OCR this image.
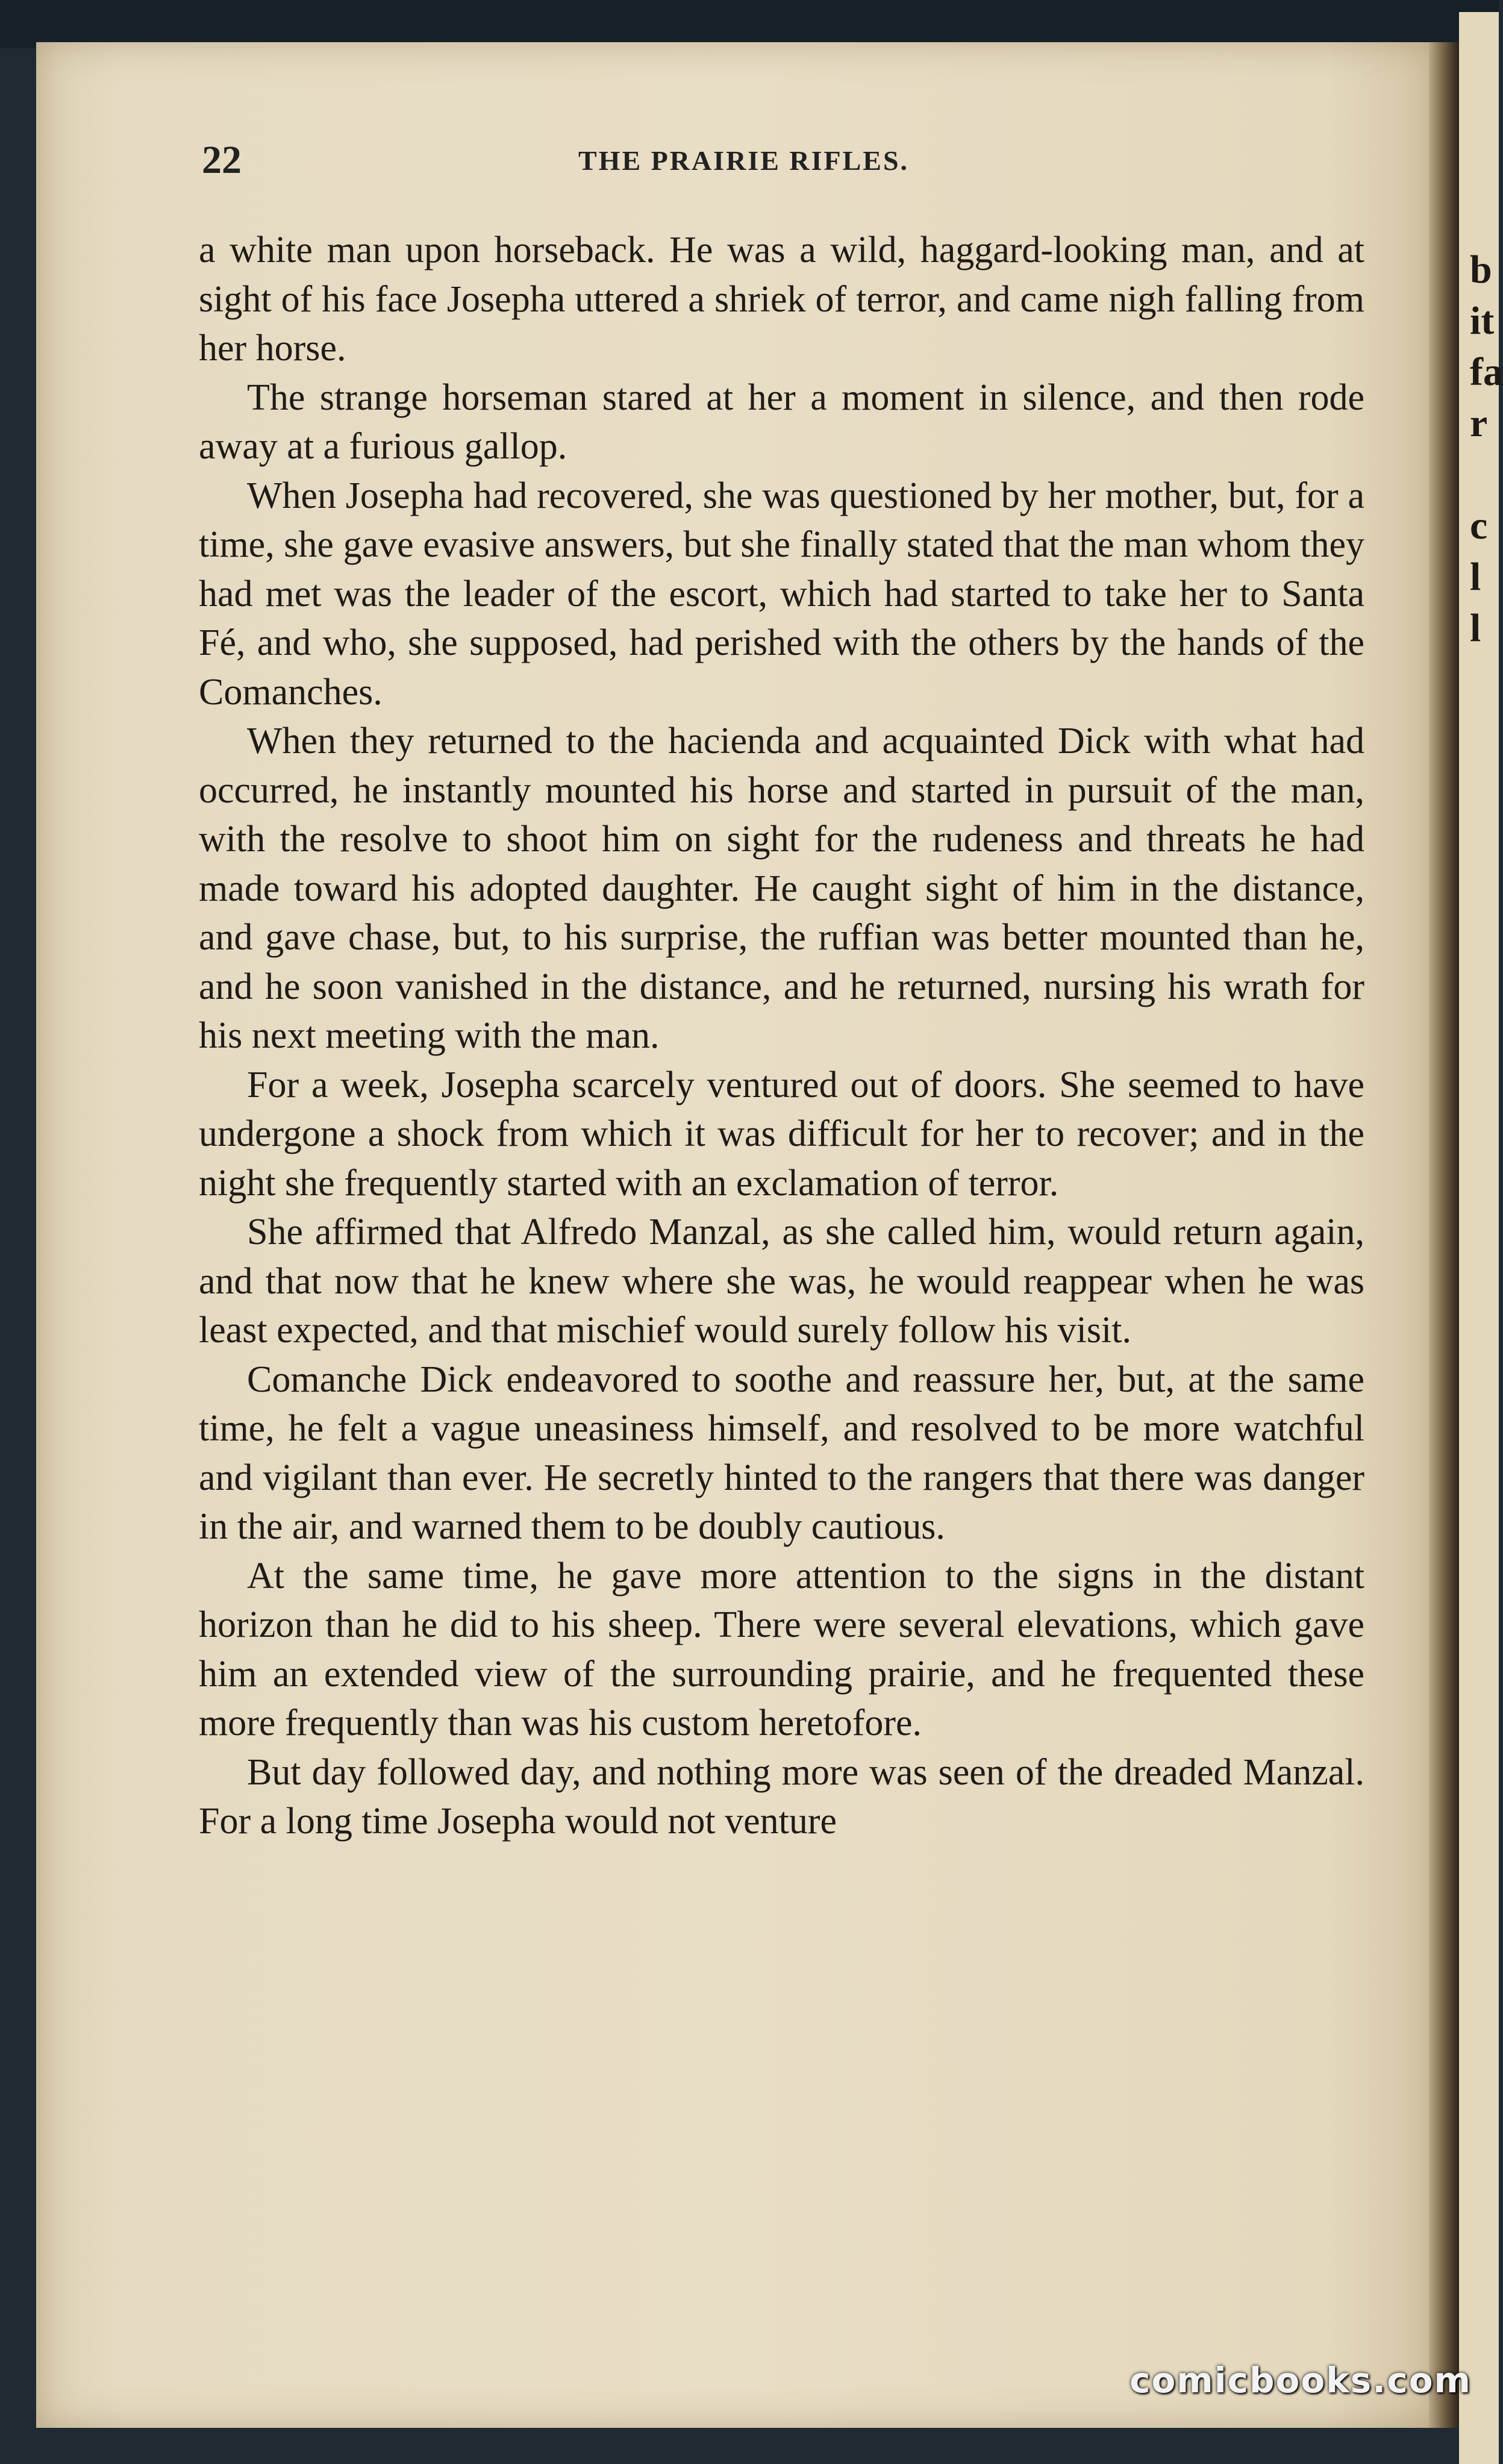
b
it
fa
r
c
l
l
22	THE PRAIRIE RIFLES.

a white man upon horseback. He was a wild, haggard-looking man, and at sight of his face Josepha uttered a shriek of terror, and came nigh falling from her horse.

The strange horseman stared at her a moment in silence, and then rode away at a furious gallop.

When Josepha had recovered, she was questioned by her mother, but, for a time, she gave evasive answers, but she finally stated that the man whom they had met was the leader of the escort, which had started to take her to Santa Fé, and who, she supposed, had perished with the others by the hands of the Comanches.

When they returned to the hacienda and acquainted Dick with what had occurred, he instantly mounted his horse and started in pursuit of the man, with the resolve to shoot him on sight for the rudeness and threats he had made toward his adopted daughter. He caught sight of him in the distance, and gave chase, but, to his surprise, the ruffian was better mounted than he, and he soon vanished in the distance, and he returned, nursing his wrath for his next meeting with the man.

For a week, Josepha scarcely ventured out of doors. She seemed to have undergone a shock from which it was difficult for her to recover; and in the night she frequently started with an exclamation of terror.

She affirmed that Alfredo Manzal, as she called him, would return again, and that now that he knew where she was, he would reappear when he was least expected, and that mischief would surely follow his visit.

Comanche Dick endeavored to soothe and reassure her, but, at the same time, he felt a vague uneasiness himself, and resolved to be more watchful and vigilant than ever. He secretly hinted to the rangers that there was danger in the air, and warned them to be doubly cautious.

At the same time, he gave more attention to the signs in the distant horizon than he did to his sheep. There were several elevations, which gave him an extended view of the surrounding prairie, and he frequented these more frequently than was his custom heretofore.

But day followed day, and nothing more was seen of the dreaded Manzal. For a long time Josepha would not venture

comicbooks.com
